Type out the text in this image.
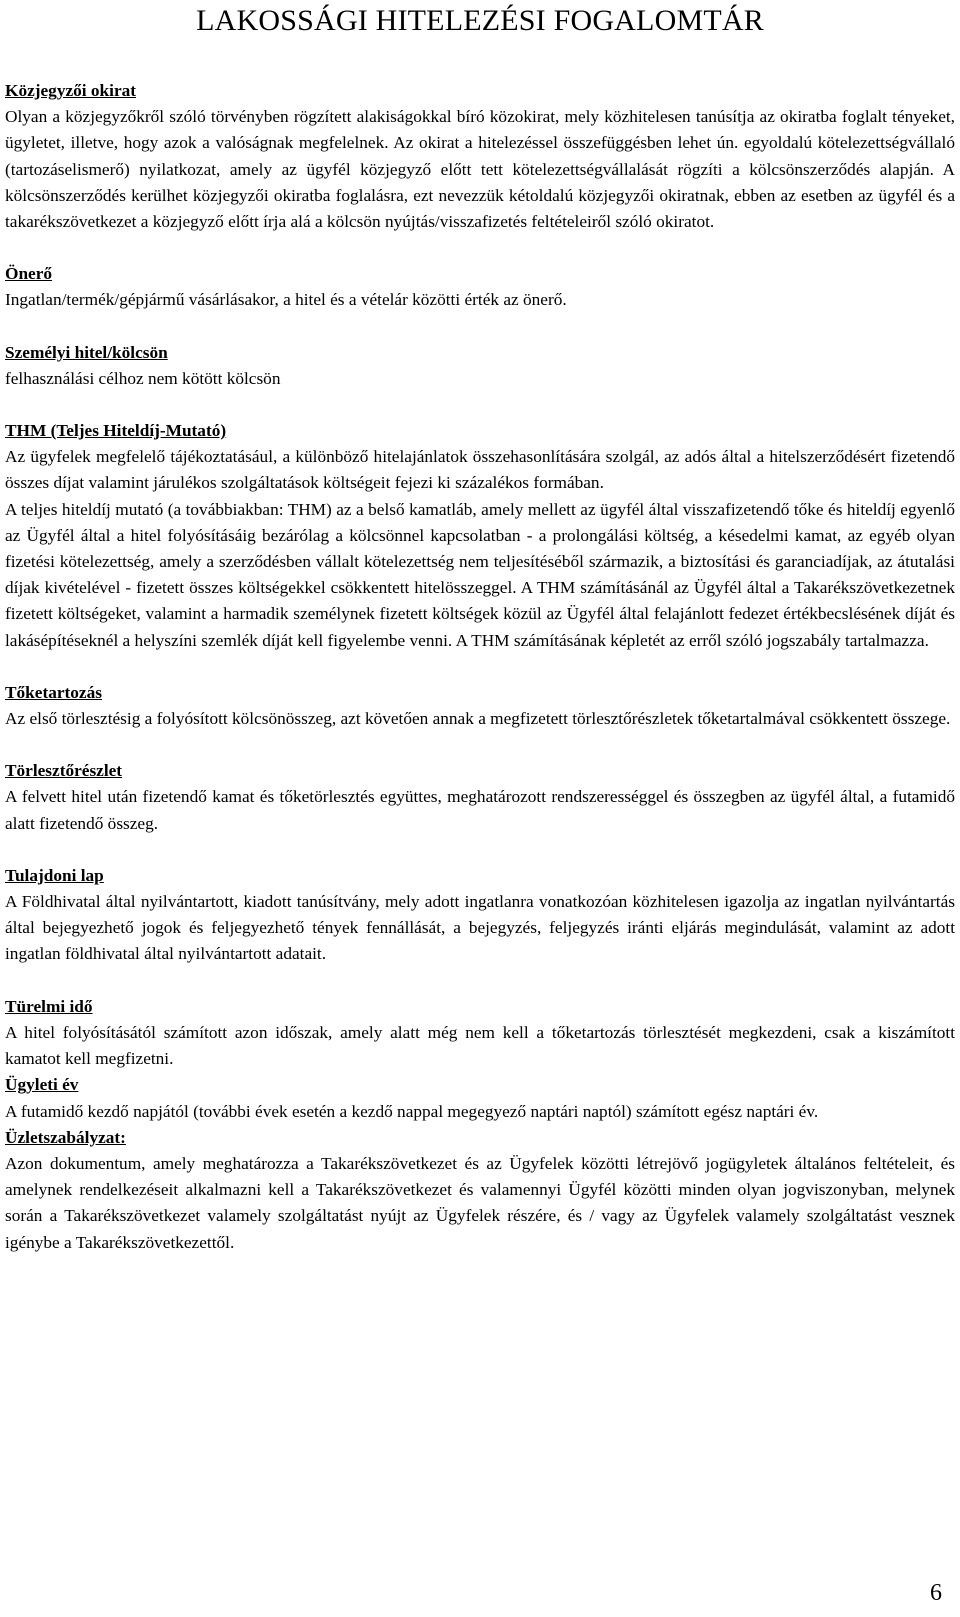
LAKOSSÁGI HITELEZÉSI FOGALOMTÁR
Közjegyzői okirat

Olyan a közjegyzőkről szóló törvényben rögzített alakiságokkal bíró közokirat, mely közhitelesen tanúsítja az okiratba foglalt tényeket, ügyletet, illetve, hogy azok a valóságnak megfelelnek. Az okirat a hitelezéssel összefüggésben lehet ún. egyoldalú kötelezettségvállaló (tartozáselismerő) nyilatkozat, amely az ügyfél közjegyző előtt tett kötelezettségvállalását rögzíti a kölcsönszerződés alapján. A kölcsönszerződés kerülhet közjegyzői okiratba foglalásra, ezt nevezzük kétoldalú közjegyzői okiratnak, ebben az esetben az ügyfél és a takarékszövetkezet a közjegyző előtt írja alá a kölcsön nyújtás/visszafizetés feltételeiről szóló okiratot.

Önerő

Ingatlan/termék/gépjármű vásárlásakor, a hitel és a vételár közötti érték az önerő.

Személyi hitel/kölcsön

felhasználási célhoz nem kötött kölcsön

THM (Teljes Hiteldíj-Mutató)

Az ügyfelek megfelelő tájékoztatásául, a különböző hitelajánlatok összehasonlítására szolgál, az adós által a hitelszerződésért fizetendő összes díjat valamint járulékos szolgáltatások költségeit fejezi ki százalékos formában.

A teljes hiteldíj mutató (a továbbiakban: THM) az a belső kamatláb, amely mellett az ügyfél által visszafizetendő tőke és hiteldíj egyenlő az Ügyfél által a hitel folyósításáig bezárólag a kölcsönnel kapcsolatban - a prolongálási költség, a késedelmi kamat, az egyéb olyan fizetési kötelezettség, amely a szerződésben vállalt kötelezettség nem teljesítéséből származik, a biztosítási és garanciadíjak, az átutalási díjak kivételével - fizetett összes költségekkel csökkentett hitelösszeggel. A THM számításánál az Ügyfél által a Takarékszövetkezetnek fizetett költségeket, valamint a harmadik személynek fizetett költségek közül az Ügyfél által felajánlott fedezet értékbecslésének díját és lakásépítéseknél a helyszíni szemlék díját kell figyelembe venni. A THM számításának képletét az erről szóló jogszabály tartalmazza.

Tőketartozás

Az első törlesztésig a folyósított kölcsönösszeg, azt követően annak a megfizetett törlesztőrészletek tőketartalmával csökkentett összege.

Törlesztőrészlet

A felvett hitel után fizetendő kamat és tőketörlesztés együttes, meghatározott rendszerességgel és összegben az ügyfél által, a futamidő alatt fizetendő összeg.

Tulajdoni lap

A Földhivatal által nyilvántartott, kiadott tanúsítvány, mely adott ingatlanra vonatkozóan közhitelesen igazolja az ingatlan nyilvántartás által bejegyezhető jogok és feljegyezhető tények fennállását, a bejegyzés, feljegyzés iránti eljárás megindulását, valamint az adott ingatlan földhivatal által nyilvántartott adatait.

Türelmi idő

A hitel folyósításától számított azon időszak, amely alatt még nem kell a tőketartozás törlesztését megkezdeni, csak a kiszámított kamatot kell megfizetni.

Ügyleti év

A futamidő kezdő napjától (további évek esetén a kezdő nappal megegyező naptári naptól) számított egész naptári év.

Üzletszabályzat:

Azon dokumentum, amely meghatározza a Takarékszövetkezet és az Ügyfelek közötti létrejövő jogügyletek általános feltételeit, és amelynek rendelkezéseit alkalmazni kell a Takarékszövetkezet és valamennyi Ügyfél közötti minden olyan jogviszonyban, melynek során a Takarékszövetkezet valamely szolgáltatást nyújt az Ügyfelek részére, és / vagy az Ügyfelek valamely szolgáltatást vesznek igénybe a Takarékszövetkezettől.

6
